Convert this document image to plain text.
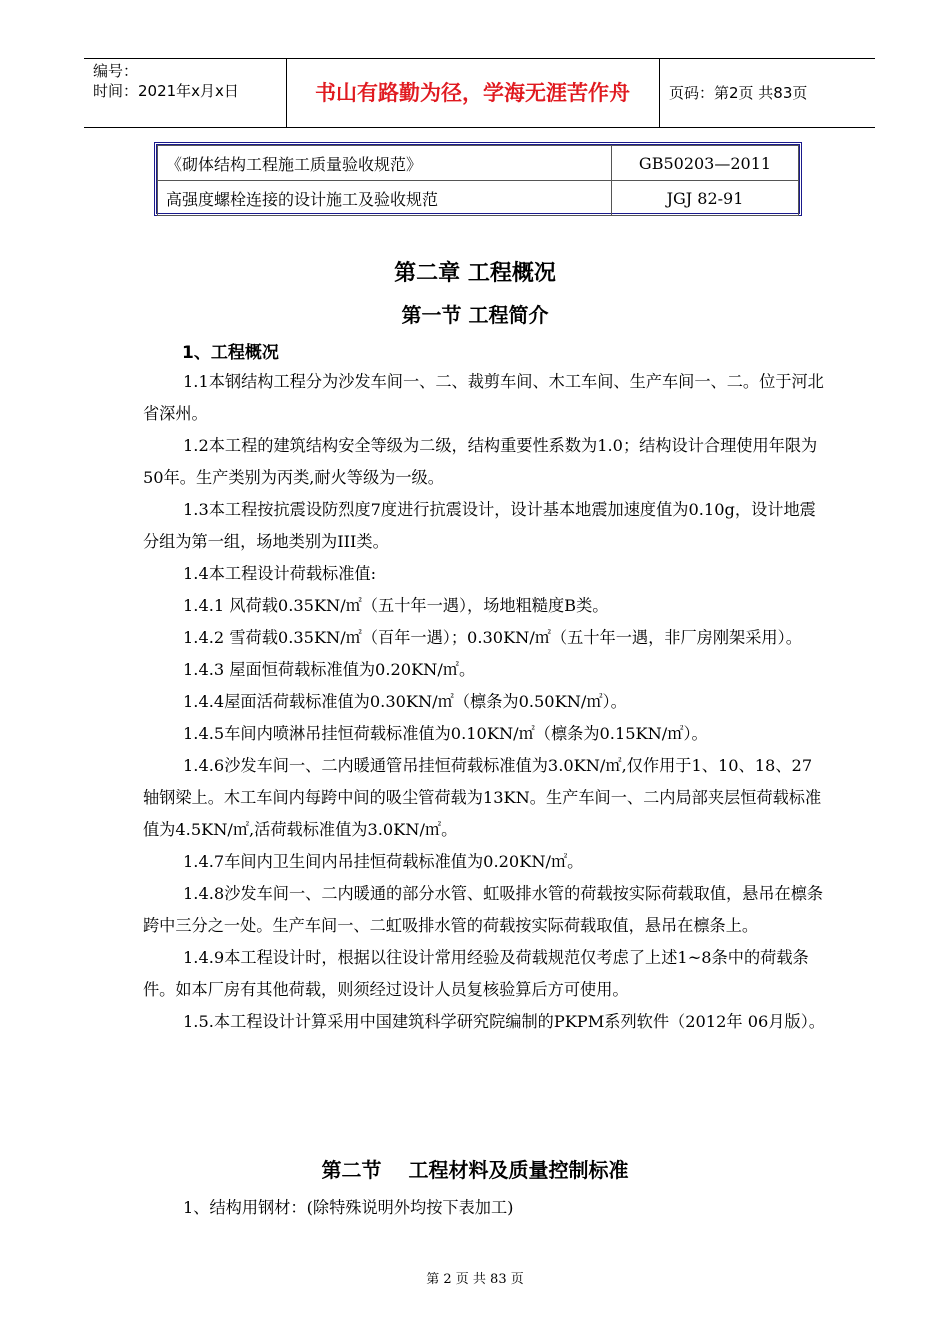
编号：
时间：2021年x月x日	书山有路勤为径，学海无涯苦作舟	页码：第2页 共83页
《砌体结构工程施工质量验收规范》	GB50203—2011
高强度螺栓连接的设计施工及验收规范	JGJ 82-91
第二章 工程概况
第一节 工程简介
1、工程概况

1.1本钢结构工程分为沙发车间一、二、裁剪车间、木工车间、生产车间一、二。位于河北省深州。

1.2本工程的建筑结构安全等级为二级，结构重要性系数为1.0；结构设计合理使用年限为50年。生产类别为丙类,耐火等级为一级。

1.3本工程按抗震设防烈度7度进行抗震设计，设计基本地震加速度值为0.10g，设计地震分组为第一组，场地类别为III类。

1.4本工程设计荷载标准值:

1.4.1 风荷载0.35KN/㎡（五十年一遇），场地粗糙度B类。

1.4.2 雪荷载0.35KN/㎡（百年一遇）；0.30KN/㎡（五十年一遇，非厂房刚架采用）。

1.4.3 屋面恒荷载标准值为0.20KN/㎡。

1.4.4屋面活荷载标准值为0.30KN/㎡（檩条为0.50KN/㎡）。

1.4.5车间内喷淋吊挂恒荷载标准值为0.10KN/㎡（檩条为0.15KN/㎡）。

1.4.6沙发车间一、二内暖通管吊挂恒荷载标准值为3.0KN/㎡,仅作用于1、10、18、27轴钢梁上。木工车间内每跨中间的吸尘管荷载为13KN。生产车间一、二内局部夹层恒荷载标准值为4.5KN/㎡,活荷载标准值为3.0KN/㎡。

1.4.7车间内卫生间内吊挂恒荷载标准值为0.20KN/㎡。

1.4.8沙发车间一、二内暖通的部分水管、虹吸排水管的荷载按实际荷载取值，悬吊在檩条跨中三分之一处。生产车间一、二虹吸排水管的荷载按实际荷载取值，悬吊在檩条上。

1.4.9本工程设计时，根据以往设计常用经验及荷载规范仅考虑了上述1~8条中的荷载条件。如本厂房有其他荷载，则须经过设计人员复核验算后方可使用。

1.5.本工程设计计算采用中国建筑科学研究院编制的PKPM系列软件（2012年 06月版）。

第二节　 工程材料及质量控制标准
1、结构用钢材：(除特殊说明外均按下表加工)
第 2 页 共 83 页
